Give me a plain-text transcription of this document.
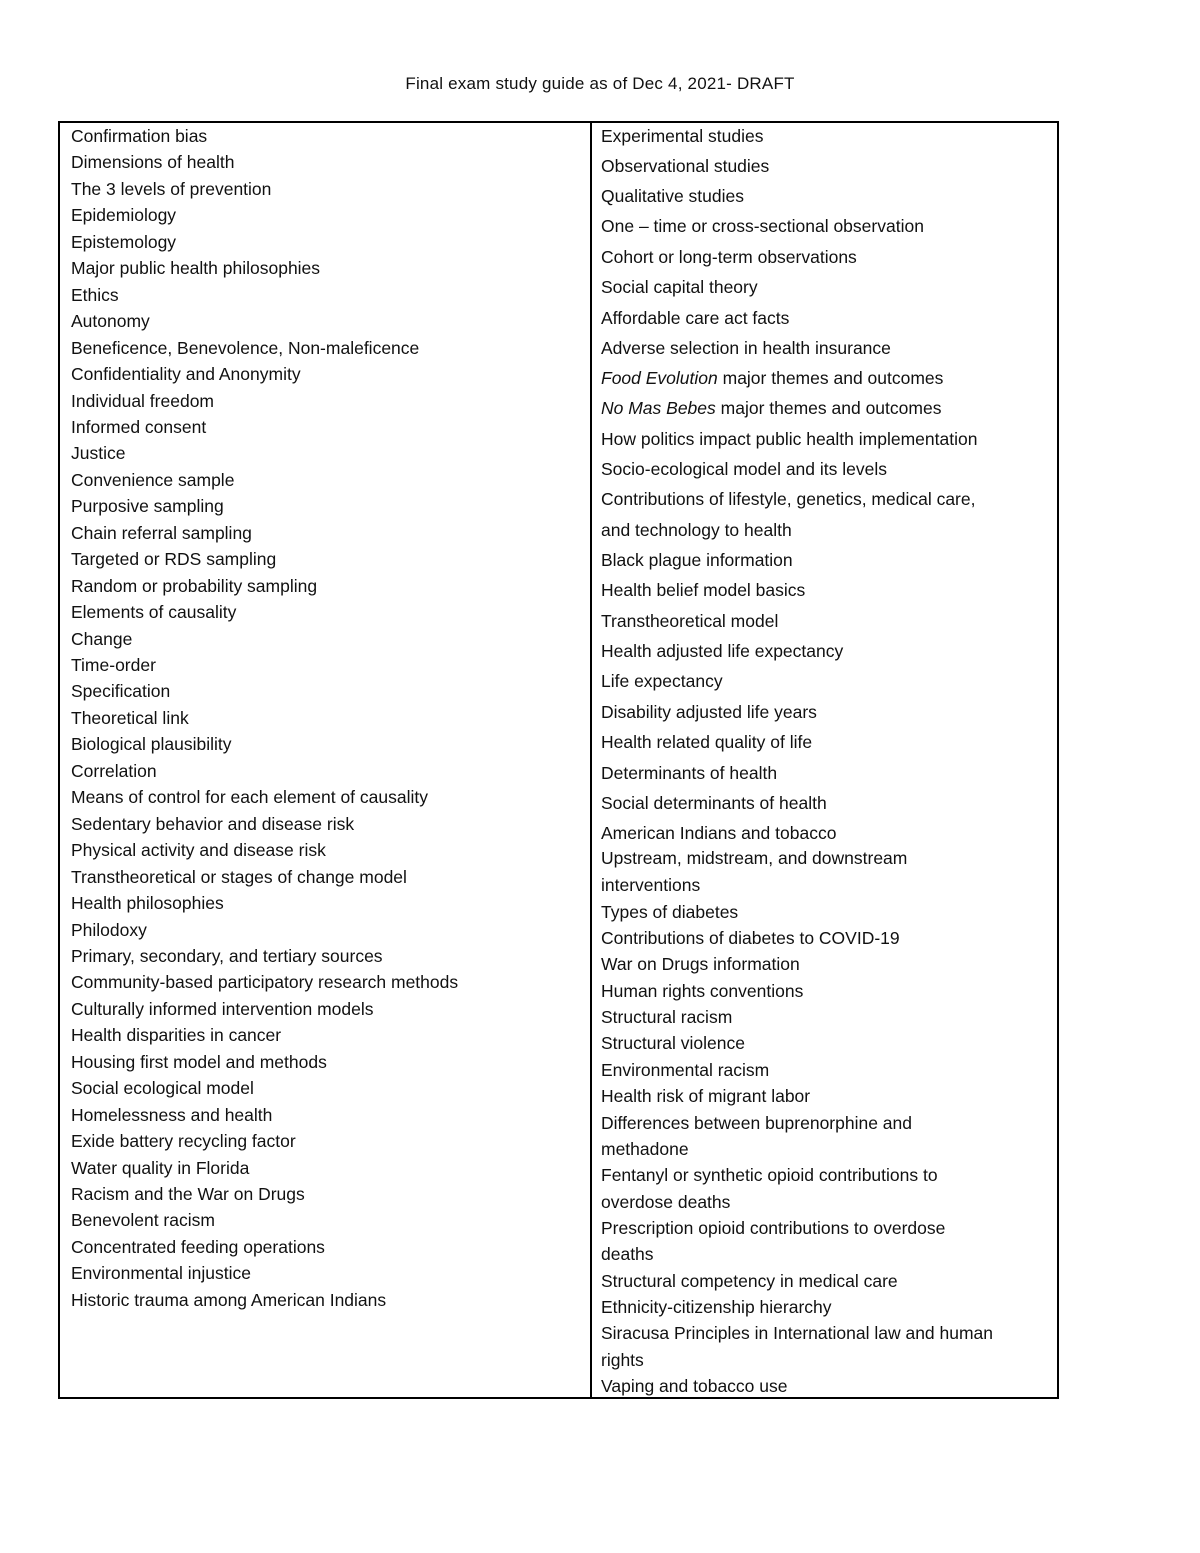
Final exam study guide as of Dec 4, 2021- DRAFT
Confirmation bias
Dimensions of health
The 3 levels of prevention
Epidemiology
Epistemology
Major public health philosophies
Ethics
Autonomy
Beneficence, Benevolence, Non-maleficence
Confidentiality and Anonymity
Individual freedom
Informed consent
Justice
Convenience sample
Purposive sampling
Chain referral sampling
Targeted or RDS sampling
Random or probability sampling
Elements of causality
Change
Time-order
Specification
Theoretical link
Biological plausibility
Correlation
Means of control for each element of causality
Sedentary behavior and disease risk
Physical activity and disease risk
Transtheoretical or stages of change model
Health philosophies
Philodoxy
Primary, secondary, and tertiary sources
Community-based participatory research methods
Culturally informed intervention models
Health disparities in cancer
Housing first model and methods
Social ecological model
Homelessness and health
Exide battery recycling factor
Water quality in Florida
Racism and the War on Drugs
Benevolent racism
Concentrated feeding operations
Environmental injustice
Historic trauma among American Indians
Experimental studies
Observational studies
Qualitative studies
One – time or cross-sectional observation
Cohort or long-term observations
Social capital theory
Affordable care act facts
Adverse selection in health insurance
Food Evolution major themes and outcomes
No Mas Bebes major themes and outcomes
How politics impact public health implementation
Socio-ecological model and its levels
Contributions of lifestyle, genetics, medical care,
and technology to health
Black plague information
Health belief model basics
Transtheoretical model
Health adjusted life expectancy
Life expectancy
Disability adjusted life years
Health related quality of life
Determinants of health
Social determinants of health
American Indians and tobacco
Upstream, midstream, and downstream
interventions
Types of diabetes
Contributions of diabetes to COVID-19
War on Drugs information
Human rights conventions
Structural racism
Structural violence
Environmental racism
Health risk of migrant labor
Differences between buprenorphine and
methadone
Fentanyl or synthetic opioid contributions to
overdose deaths
Prescription opioid contributions to overdose
deaths
Structural competency in medical care
Ethnicity-citizenship hierarchy
Siracusa Principles in International law and human
rights
Vaping and tobacco use
